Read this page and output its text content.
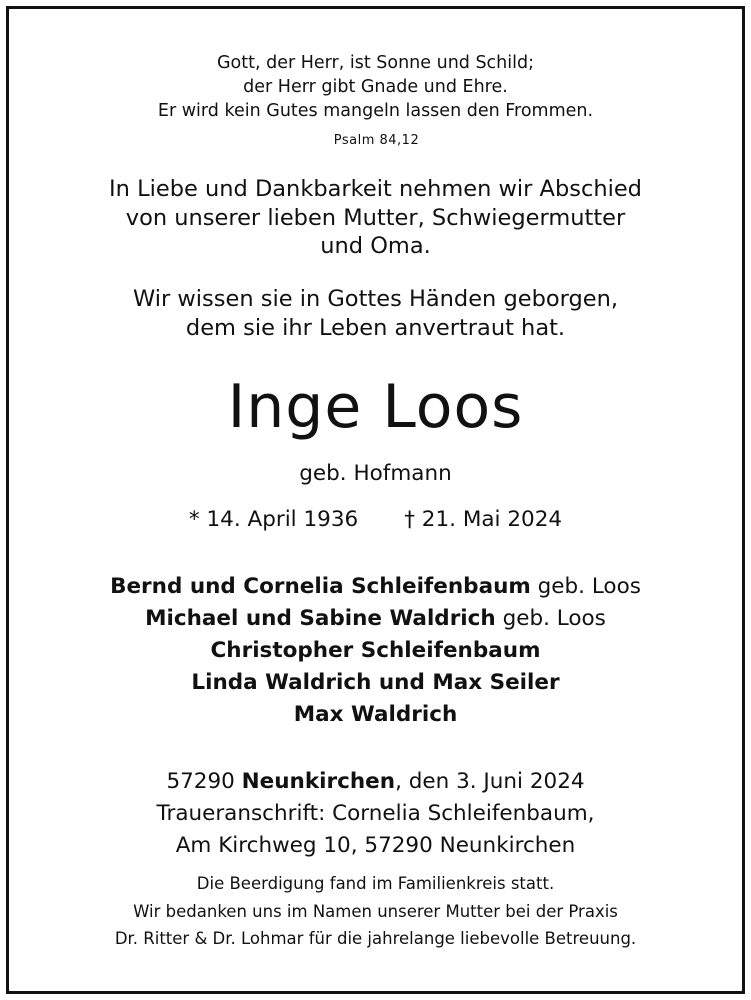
Gott, der Herr, ist Sonne und Schild;
der Herr gibt Gnade und Ehre.
Er wird kein Gutes mangeln lassen den Frommen.
Psalm 84,12
In Liebe und Dankbarkeit nehmen wir Abschied
von unserer lieben Mutter, Schwiegermutter
und Oma.
Wir wissen sie in Gottes Händen geborgen,
dem sie ihr Leben anvertraut hat.
Inge Loos
geb. Hofmann
* 14. April 1936 † 21. Mai 2024
Bernd und Cornelia Schleifenbaum geb. Loos
Michael und Sabine Waldrich geb. Loos
Christopher Schleifenbaum
Linda Waldrich und Max Seiler
Max Waldrich
57290 Neunkirchen, den 3. Juni 2024
Traueranschrift: Cornelia Schleifenbaum,
Am Kirchweg 10, 57290 Neunkirchen
Die Beerdigung fand im Familienkreis statt.
Wir bedanken uns im Namen unserer Mutter bei der Praxis
Dr. Ritter & Dr. Lohmar für die jahrelange liebevolle Betreuung.
